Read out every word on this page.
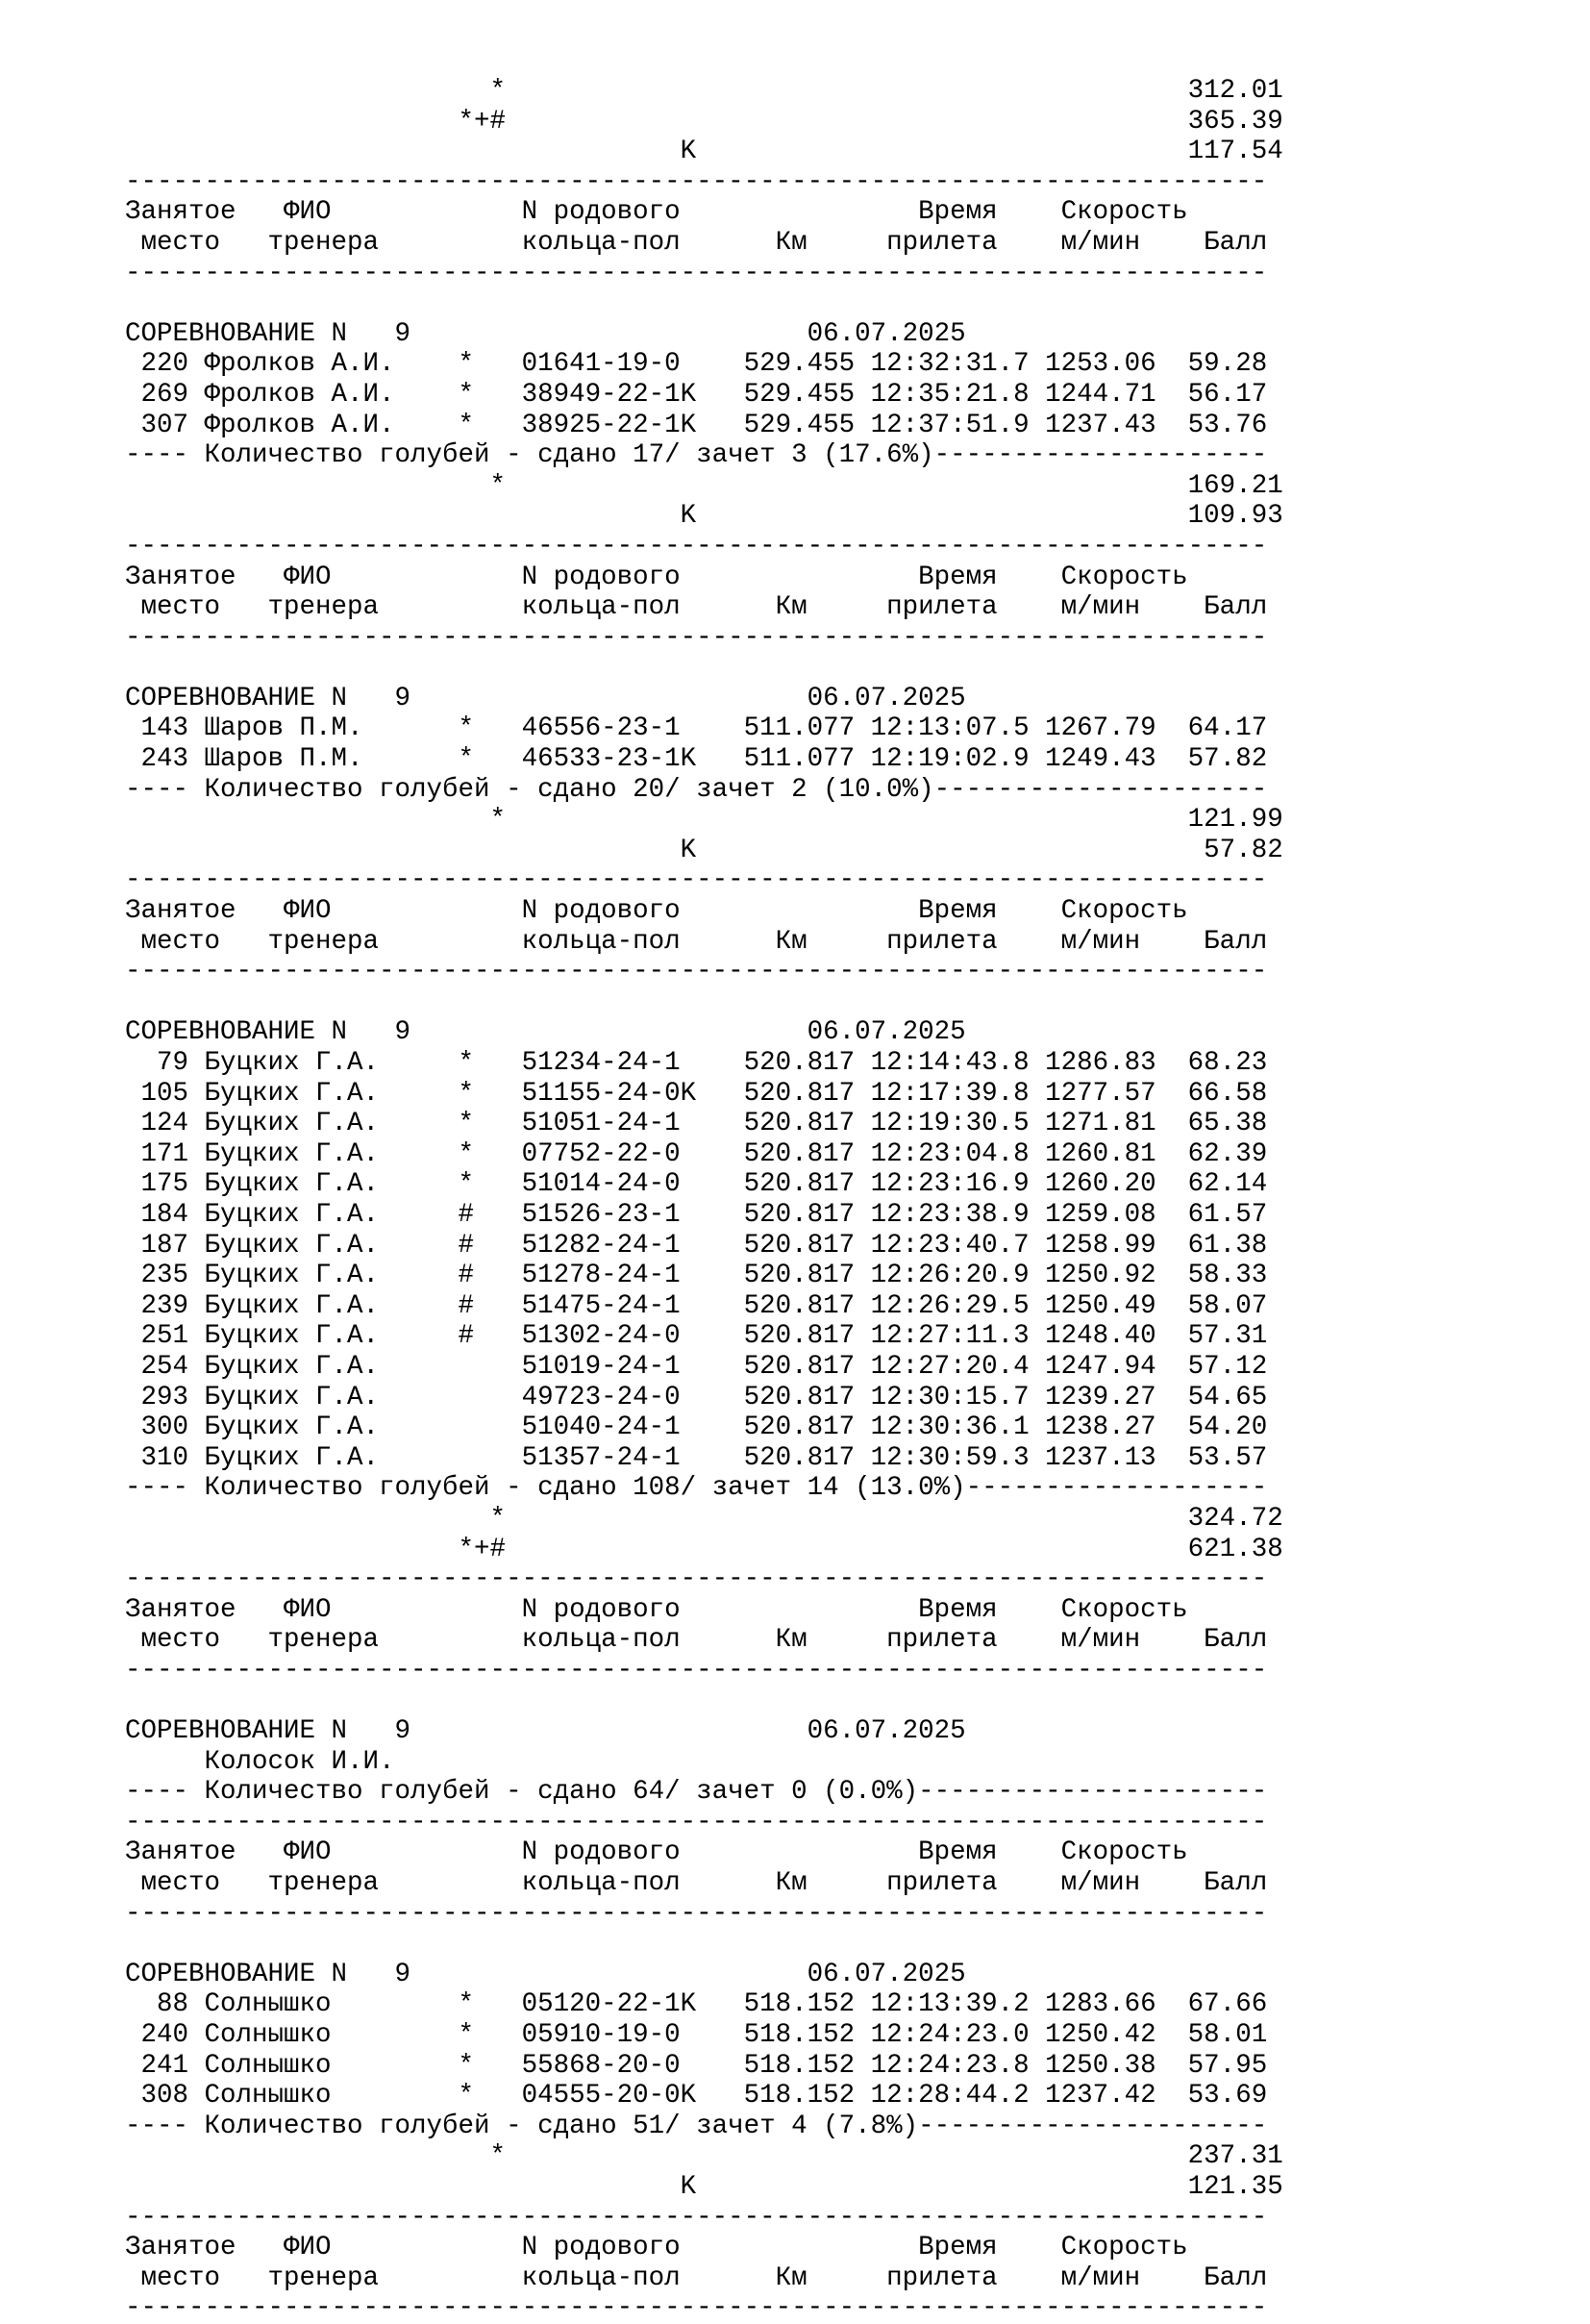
*                                           312.01
*+#                                           365.39
K                               117.54
------------------------------------------------------------------------
Занятое   ФИО            N родового               Время    Скорость
место   тренера         кольца-пол      Км     прилета    м/мин    Балл
------------------------------------------------------------------------
СОРЕВНОВАНИЕ N   9                         06.07.2025
220 Фролков А.И.    *   01641-19-0    529.455 12:32:31.7 1253.06  59.28
269 Фролков А.И.    *   38949-22-1K   529.455 12:35:21.8 1244.71  56.17
307 Фролков А.И.    *   38925-22-1K   529.455 12:37:51.9 1237.43  53.76
---- Количество голубей - сдано 17/ зачет 3 (17.6%)---------------------
*                                           169.21
K                               109.93
------------------------------------------------------------------------
Занятое   ФИО            N родового               Время    Скорость
место   тренера         кольца-пол      Км     прилета    м/мин    Балл
------------------------------------------------------------------------
СОРЕВНОВАНИЕ N   9                         06.07.2025
143 Шаров П.М.      *   46556-23-1    511.077 12:13:07.5 1267.79  64.17
243 Шаров П.М.      *   46533-23-1K   511.077 12:19:02.9 1249.43  57.82
---- Количество голубей - сдано 20/ зачет 2 (10.0%)---------------------
*                                           121.99
K                                57.82
------------------------------------------------------------------------
Занятое   ФИО            N родового               Время    Скорость
место   тренера         кольца-пол      Км     прилета    м/мин    Балл
------------------------------------------------------------------------
СОРЕВНОВАНИЕ N   9                         06.07.2025
79 Буцких Г.А.     *   51234-24-1    520.817 12:14:43.8 1286.83  68.23
105 Буцких Г.А.     *   51155-24-0K   520.817 12:17:39.8 1277.57  66.58
124 Буцких Г.А.     *   51051-24-1    520.817 12:19:30.5 1271.81  65.38
171 Буцких Г.А.     *   07752-22-0    520.817 12:23:04.8 1260.81  62.39
175 Буцких Г.А.     *   51014-24-0    520.817 12:23:16.9 1260.20  62.14
184 Буцких Г.А.     #   51526-23-1    520.817 12:23:38.9 1259.08  61.57
187 Буцких Г.А.     #   51282-24-1    520.817 12:23:40.7 1258.99  61.38
235 Буцких Г.А.     #   51278-24-1    520.817 12:26:20.9 1250.92  58.33
239 Буцких Г.А.     #   51475-24-1    520.817 12:26:29.5 1250.49  58.07
251 Буцких Г.А.     #   51302-24-0    520.817 12:27:11.3 1248.40  57.31
254 Буцких Г.А.         51019-24-1    520.817 12:27:20.4 1247.94  57.12
293 Буцких Г.А.         49723-24-0    520.817 12:30:15.7 1239.27  54.65
300 Буцких Г.А.         51040-24-1    520.817 12:30:36.1 1238.27  54.20
310 Буцких Г.А.         51357-24-1    520.817 12:30:59.3 1237.13  53.57
---- Количество голубей - сдано 108/ зачет 14 (13.0%)-------------------
*                                           324.72
*+#                                           621.38
------------------------------------------------------------------------
Занятое   ФИО            N родового               Время    Скорость
место   тренера         кольца-пол      Км     прилета    м/мин    Балл
------------------------------------------------------------------------
СОРЕВНОВАНИЕ N   9                         06.07.2025
Колосок И.И.
---- Количество голубей - сдано 64/ зачет 0 (0.0%)----------------------
------------------------------------------------------------------------
Занятое   ФИО            N родового               Время    Скорость
место   тренера         кольца-пол      Км     прилета    м/мин    Балл
------------------------------------------------------------------------
СОРЕВНОВАНИЕ N   9                         06.07.2025
88 Солнышко        *   05120-22-1K   518.152 12:13:39.2 1283.66  67.66
240 Солнышко        *   05910-19-0    518.152 12:24:23.0 1250.42  58.01
241 Солнышко        *   55868-20-0    518.152 12:24:23.8 1250.38  57.95
308 Солнышко        *   04555-20-0K   518.152 12:28:44.2 1237.42  53.69
---- Количество голубей - сдано 51/ зачет 4 (7.8%)----------------------
*                                           237.31
K                               121.35
------------------------------------------------------------------------
Занятое   ФИО            N родового               Время    Скорость
место   тренера         кольца-пол      Км     прилета    м/мин    Балл
------------------------------------------------------------------------
